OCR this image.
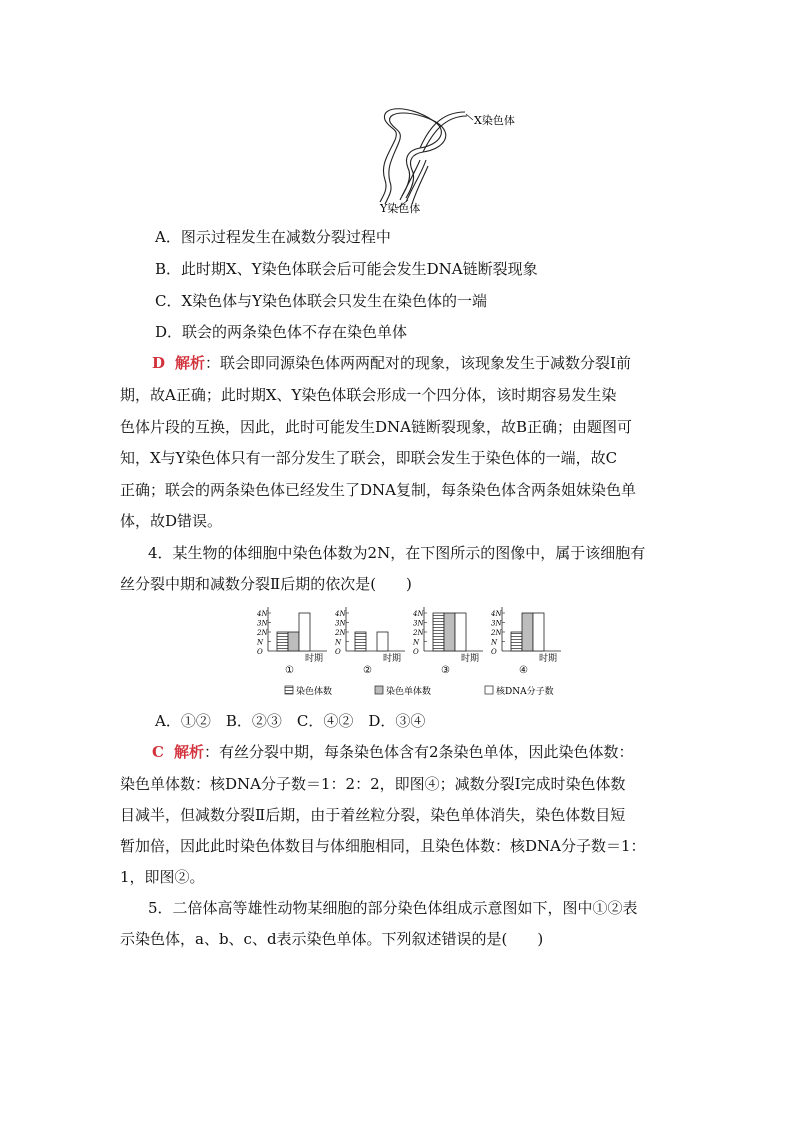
X染色体
Y染色体
A．图示过程发生在减数分裂过程中
B．此时期X、Y染色体联会后可能会发生DNA链断裂现象
C．X染色体与Y染色体联会只发生在染色体的一端
D．联会的两条染色体不存在染色单体
D 解析：联会即同源染色体两两配对的现象，该现象发生于减数分裂Ⅰ前
期，故A正确；此时期X、Y染色体联会形成一个四分体，该时期容易发生染
色体片段的互换，因此，此时可能发生DNA链断裂现象，故B正确；由题图可
知，X与Y染色体只有一部分发生了联会，即联会发生于染色体的一端，故C
正确；联会的两条染色体已经发生了DNA复制，每条染色体含两条姐妹染色单
体，故D错误。
4．某生物的体细胞中染色体数为2N，在下图所示的图像中，属于该细胞有
丝分裂中期和减数分裂Ⅱ后期的依次是(　　)
4N
3N
2N
N
O
时期
①
4N
3N
2N
N
O
时期
②
4N
3N
2N
N
O
时期
③
4N
3N
2N
N
O
时期
④
染色体数	染色单体数	核DNA分子数
A．①②　B．②③　C．④②　D．③④
C 解析：有丝分裂中期，每条染色体含有2条染色单体，因此染色体数：
染色单体数：核DNA分子数＝1：2：2，即图④；减数分裂Ⅰ完成时染色体数
目减半，但减数分裂Ⅱ后期，由于着丝粒分裂，染色单体消失，染色体数目短
暂加倍，因此此时染色体数目与体细胞相同，且染色体数：核DNA分子数＝1：
1，即图②。
5．二倍体高等雄性动物某细胞的部分染色体组成示意图如下，图中①②表
示染色体，a、b、c、d表示染色单体。下列叙述错误的是(　　)
